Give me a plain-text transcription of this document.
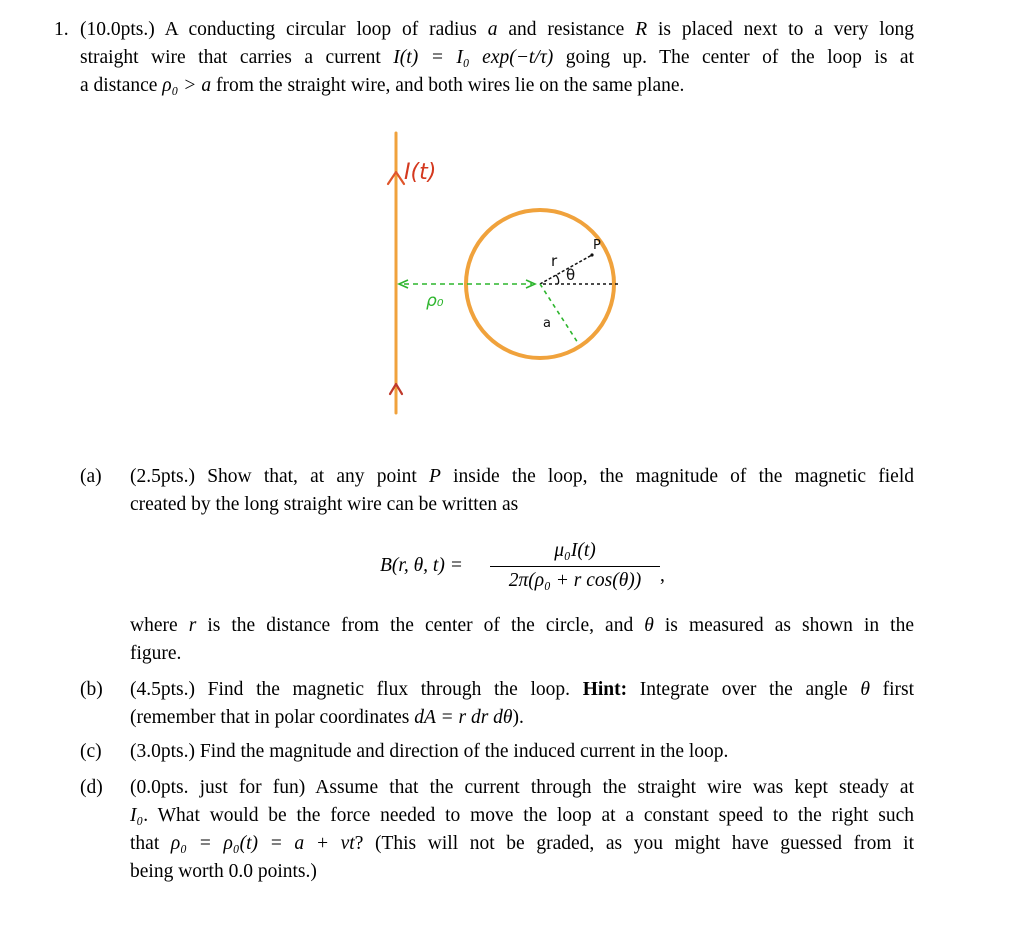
1. (10.0pts.) A conducting circular loop of radius a and resistance R is placed next to a very long
straight wire that carries a current I(t) = I₀ exp(−t/τ) going up. The center of the loop is at
a distance ρ₀ > a from the straight wire, and both wires lie on the same plane.
I(t)
ρ₀
r
P
θ
a
(a) (2.5pts.) Show that, at any point P inside the loop, the magnitude of the magnetic field
created by the long straight wire can be written as
B(r, θ, t) =
μ₀I(t)
2π(ρ₀ + r cos(θ)) ,
where r is the distance from the center of the circle, and θ is measured as shown in the
figure.
(b) (4.5pts.) Find the magnetic flux through the loop. Hint: Integrate over the angle θ first
(remember that in polar coordinates dA = r dr dθ).
(c) (3.0pts.) Find the magnitude and direction of the induced current in the loop.
(d) (0.0pts. just for fun) Assume that the current through the straight wire was kept steady at
I₀. What would be the force needed to move the loop at a constant speed to the right such
that ρ₀ = ρ₀(t) = a + vt? (This will not be graded, as you might have guessed from it
being worth 0.0 points.)
